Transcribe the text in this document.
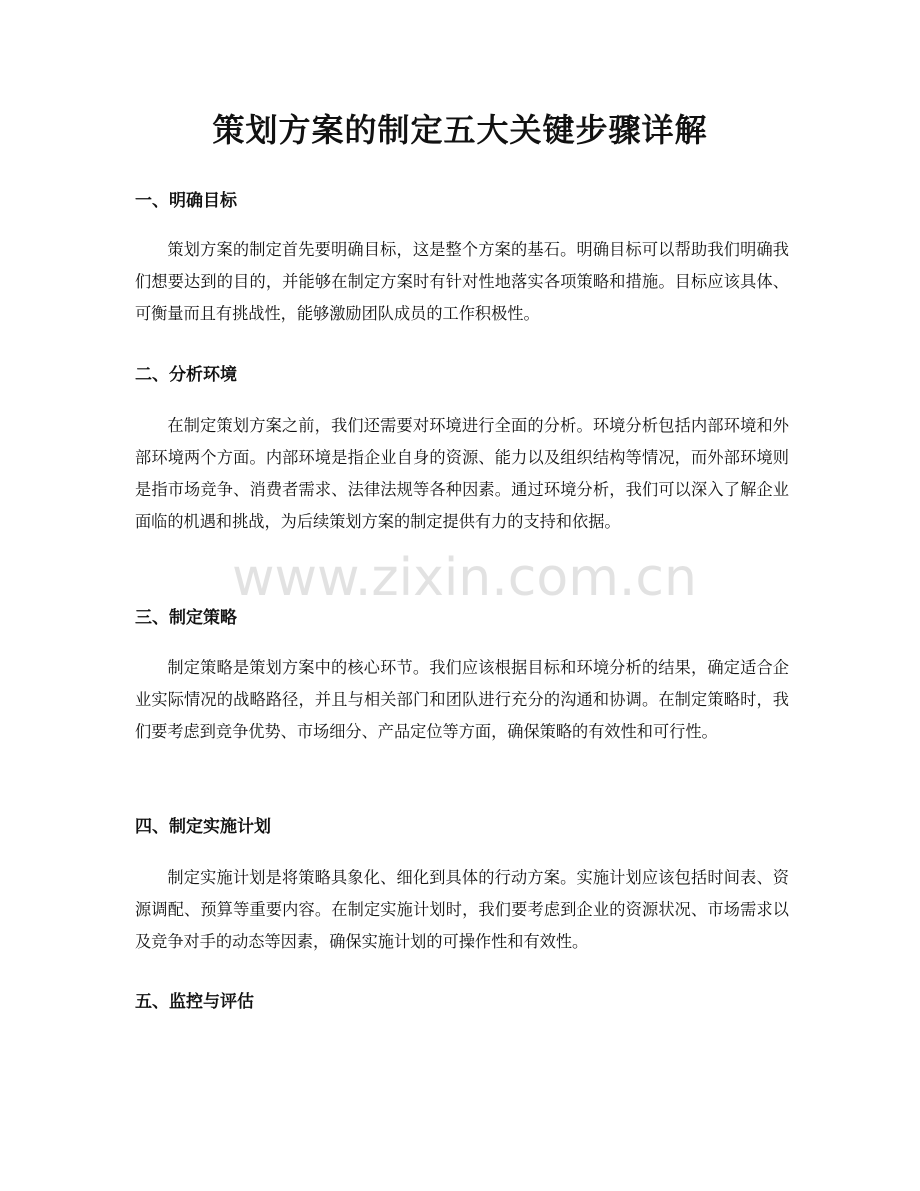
策划方案的制定五大关键步骤详解
一、明确目标

策划方案的制定首先要明确目标，这是整个方案的基石。明确目标可以帮助我们明确我们想要达到的目的，并能够在制定方案时有针对性地落实各项策略和措施。目标应该具体、可衡量而且有挑战性，能够激励团队成员的工作积极性。

二、分析环境

在制定策划方案之前，我们还需要对环境进行全面的分析。环境分析包括内部环境和外部环境两个方面。内部环境是指企业自身的资源、能力以及组织结构等情况，而外部环境则是指市场竞争、消费者需求、法律法规等各种因素。通过环境分析，我们可以深入了解企业面临的机遇和挑战，为后续策划方案的制定提供有力的支持和依据。

三、制定策略

制定策略是策划方案中的核心环节。我们应该根据目标和环境分析的结果，确定适合企业实际情况的战略路径，并且与相关部门和团队进行充分的沟通和协调。在制定策略时，我们要考虑到竞争优势、市场细分、产品定位等方面，确保策略的有效性和可行性。

四、制定实施计划

制定实施计划是将策略具象化、细化到具体的行动方案。实施计划应该包括时间表、资源调配、预算等重要内容。在制定实施计划时，我们要考虑到企业的资源状况、市场需求以及竞争对手的动态等因素，确保实施计划的可操作性和有效性。

五、监控与评估
www.zixin.com.cn
